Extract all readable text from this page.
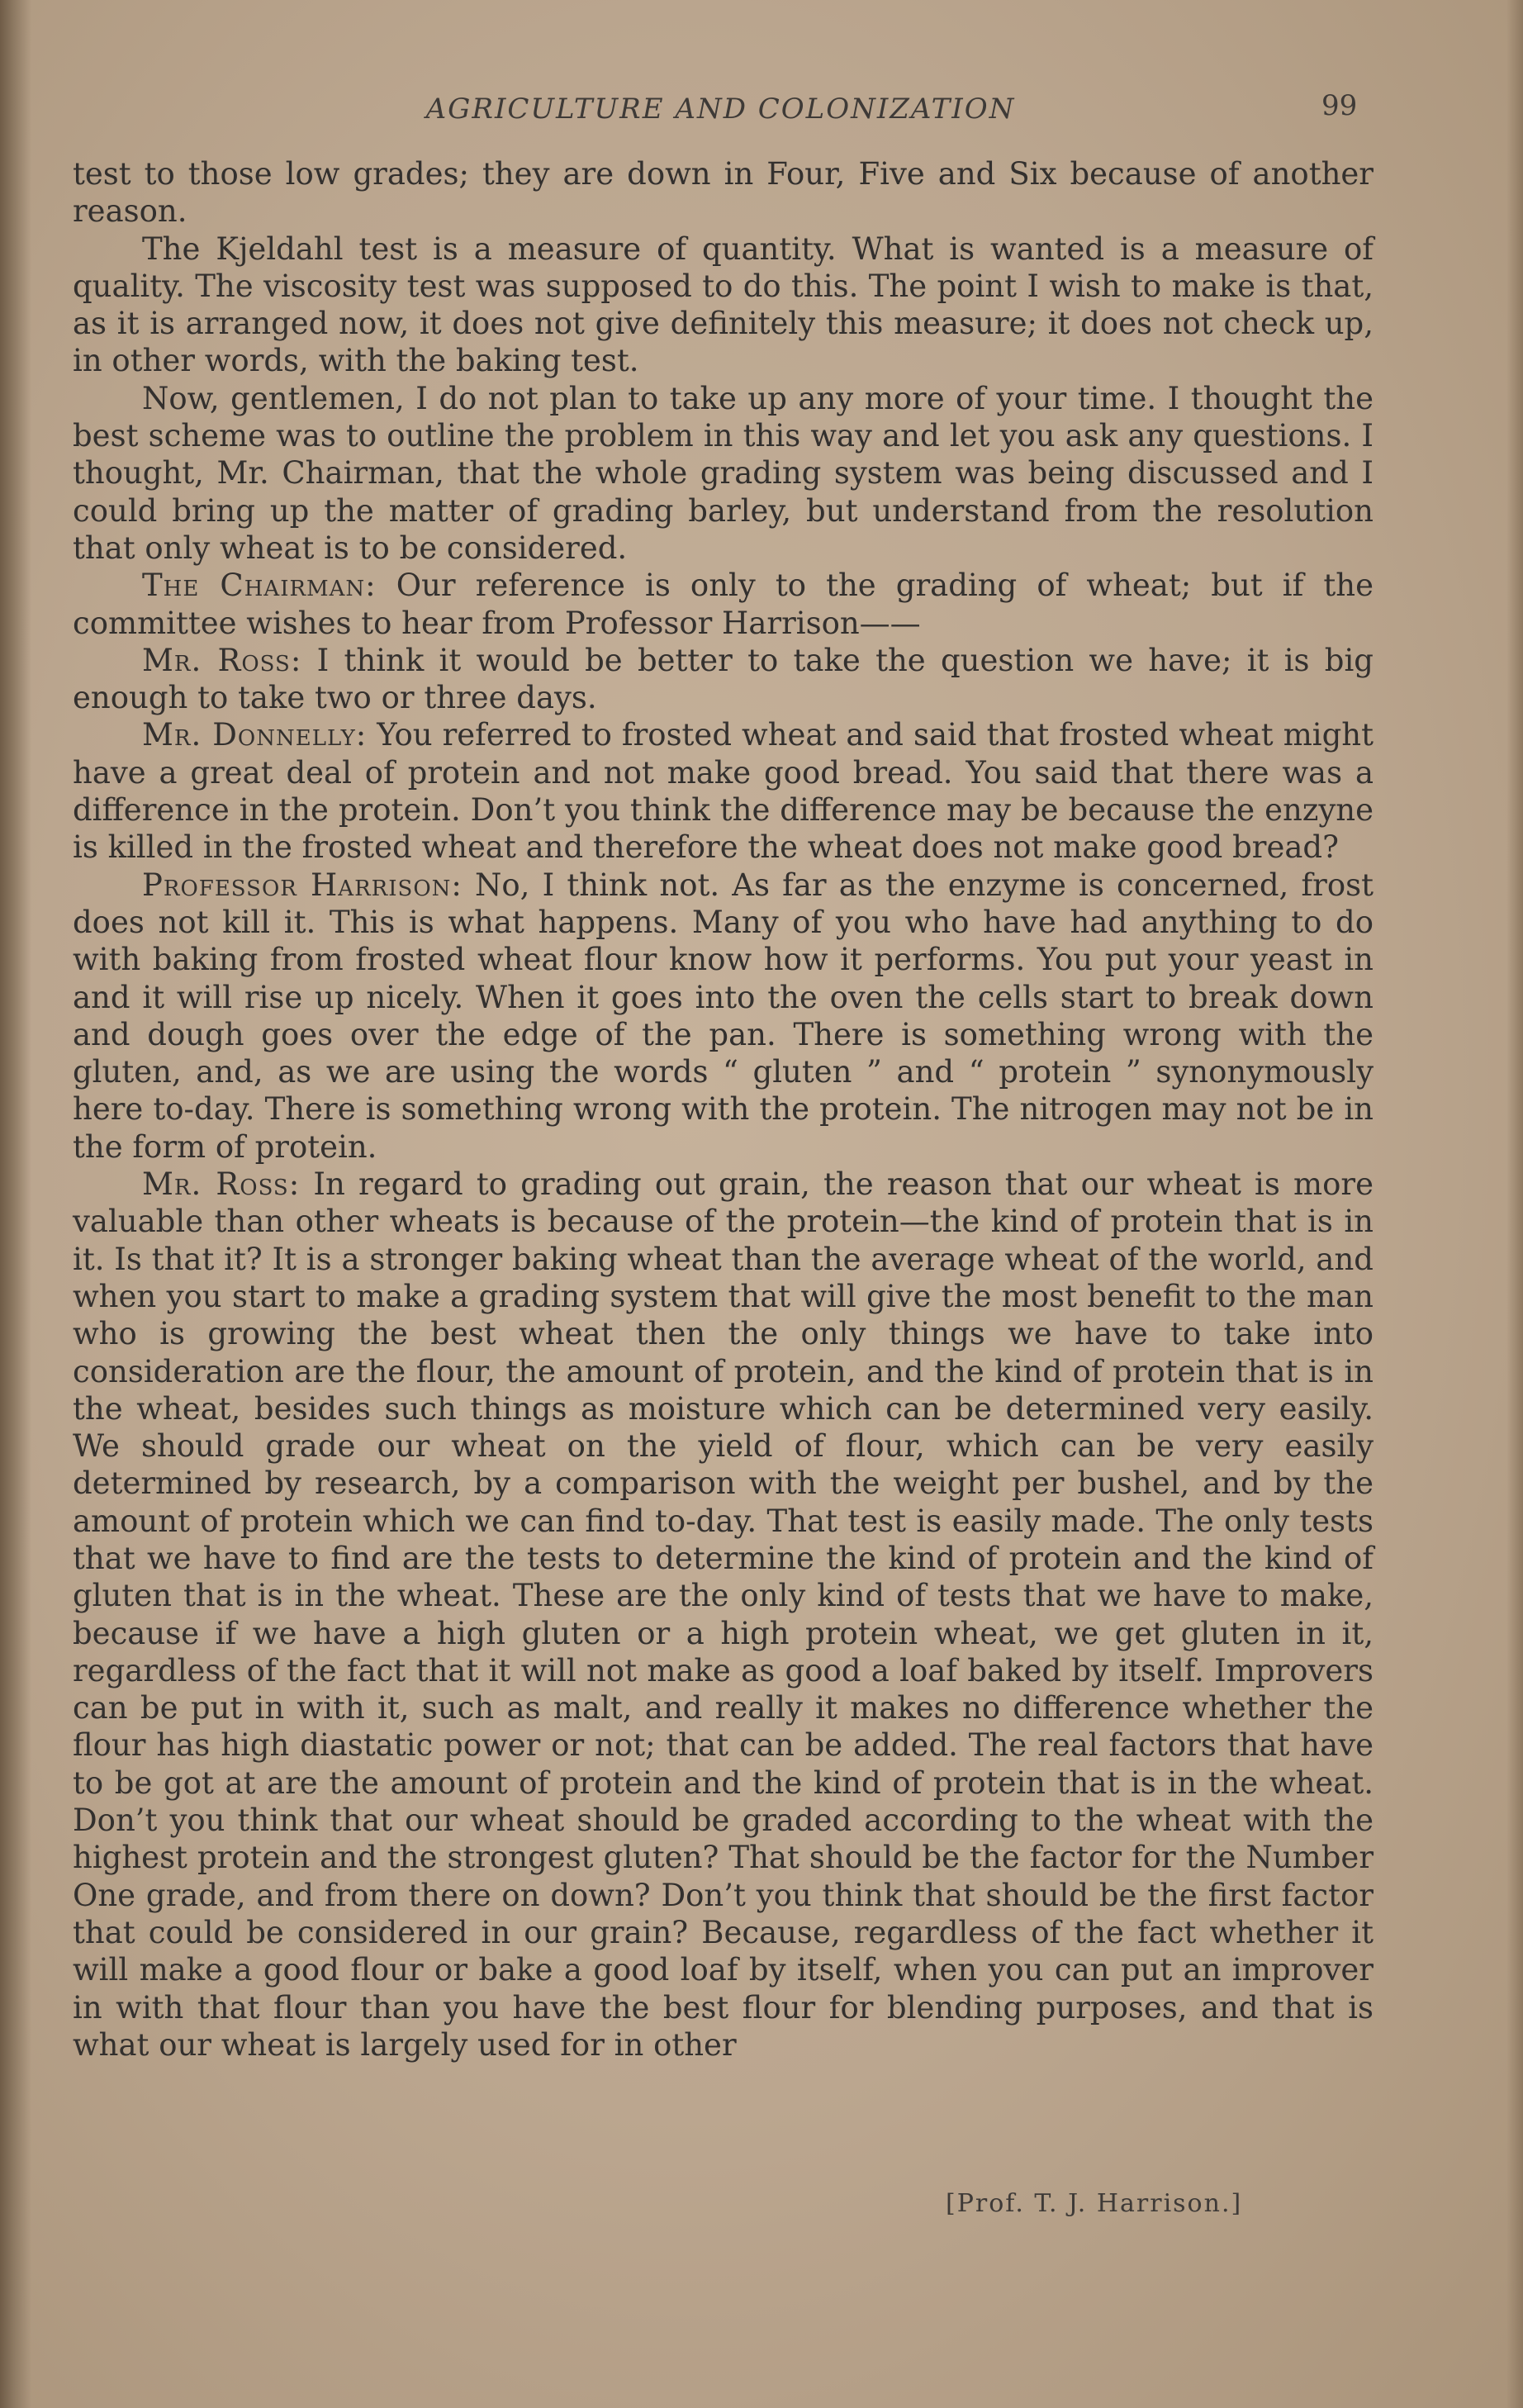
AGRICULTURE AND COLONIZATION	99

test to those low grades; they are down in Four, Five and Six because of another reason.

The Kjeldahl test is a measure of quantity. What is wanted is a measure of quality. The viscosity test was supposed to do this. The point I wish to make is that, as it is arranged now, it does not give definitely this measure; it does not check up, in other words, with the baking test.

Now, gentlemen, I do not plan to take up any more of your time. I thought the best scheme was to outline the problem in this way and let you ask any questions. I thought, Mr. Chairman, that the whole grading system was being discussed and I could bring up the matter of grading barley, but understand from the resolution that only wheat is to be considered.

The Chairman: Our reference is only to the grading of wheat; but if the committee wishes to hear from Professor Harrison——

Mr. Ross: I think it would be better to take the question we have; it is big enough to take two or three days.

Mr. Donnelly: You referred to frosted wheat and said that frosted wheat might have a great deal of protein and not make good bread. You said that there was a difference in the protein. Don’t you think the difference may be because the enzyne is killed in the frosted wheat and therefore the wheat does not make good bread?

Professor Harrison: No, I think not. As far as the enzyme is concerned, frost does not kill it. This is what happens. Many of you who have had anything to do with baking from frosted wheat flour know how it performs. You put your yeast in and it will rise up nicely. When it goes into the oven the cells start to break down and dough goes over the edge of the pan. There is something wrong with the gluten, and, as we are using the words “ gluten ” and “ protein ” synonymously here to-day. There is something wrong with the protein. The nitrogen may not be in the form of protein.

Mr. Ross: In regard to grading out grain, the reason that our wheat is more valuable than other wheats is because of the protein—the kind of protein that is in it. Is that it? It is a stronger baking wheat than the average wheat of the world, and when you start to make a grading system that will give the most benefit to the man who is growing the best wheat then the only things we have to take into consideration are the flour, the amount of protein, and the kind of protein that is in the wheat, besides such things as moisture which can be determined very easily. We should grade our wheat on the yield of flour, which can be very easily determined by research, by a comparison with the weight per bushel, and by the amount of protein which we can find to-day. That test is easily made. The only tests that we have to find are the tests to determine the kind of protein and the kind of gluten that is in the wheat. These are the only kind of tests that we have to make, because if we have a high gluten or a high protein wheat, we get gluten in it, regardless of the fact that it will not make as good a loaf baked by itself. Improvers can be put in with it, such as malt, and really it makes no difference whether the flour has high diastatic power or not; that can be added. The real factors that have to be got at are the amount of protein and the kind of protein that is in the wheat. Don’t you think that our wheat should be graded according to the wheat with the highest protein and the strongest gluten? That should be the factor for the Number One grade, and from there on down? Don’t you think that should be the first factor that could be considered in our grain? Because, regardless of the fact whether it will make a good flour or bake a good loaf by itself, when you can put an improver in with that flour than you have the best flour for blending purposes, and that is what our wheat is largely used for in other

[Prof. T. J. Harrison.]
